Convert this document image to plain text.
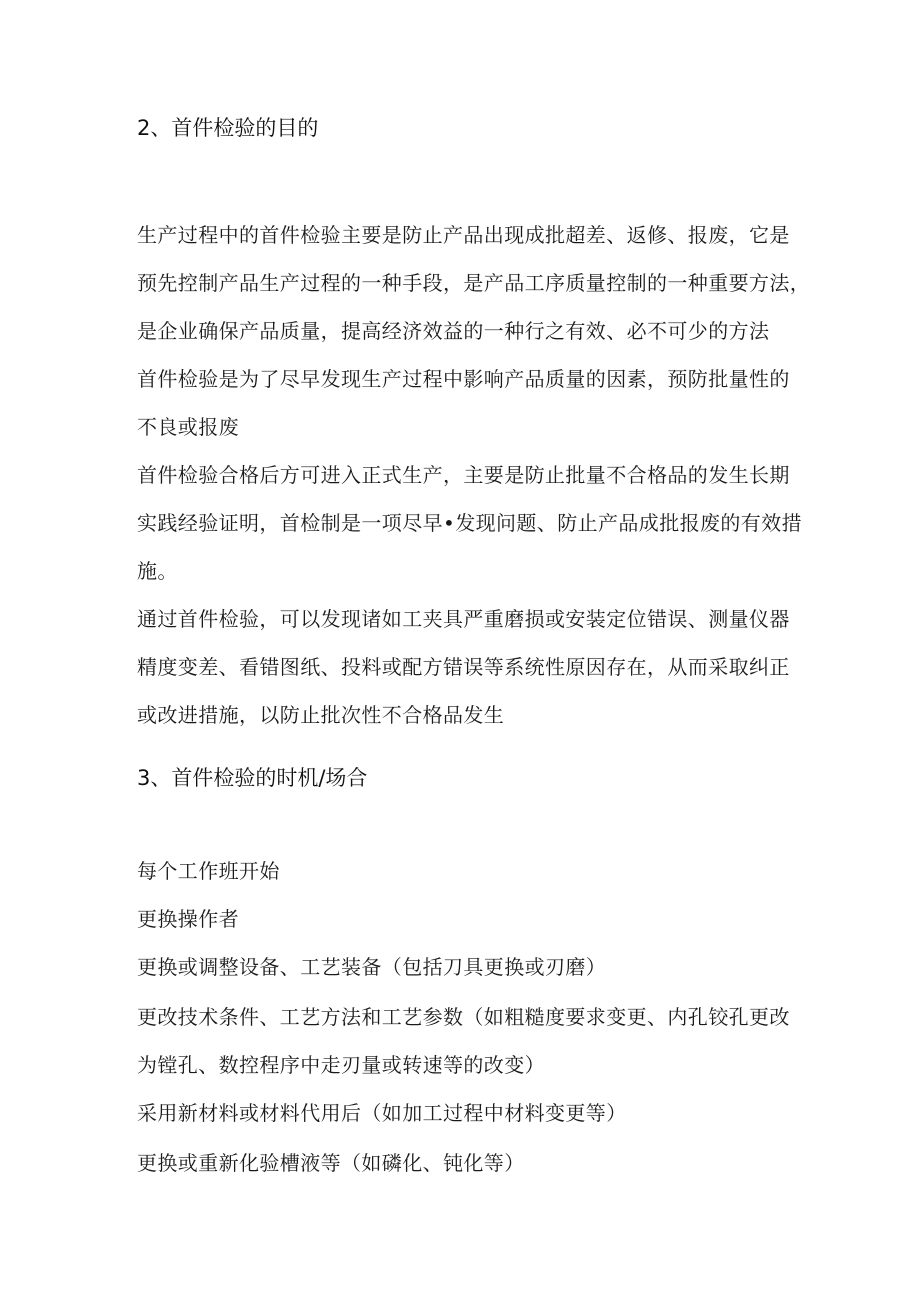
2、首件检验的目的
生产过程中的首件检验主要是防止产品出现成批超差、返修、报废，它是
预先控制产品生产过程的一种手段，是产品工序质量控制的一种重要方法，
是企业确保产品质量，提高经济效益的一种行之有效、必不可少的方法
首件检验是为了尽早发现生产过程中影响产品质量的因素，预防批量性的
不良或报废
首件检验合格后方可进入正式生产，主要是防止批量不合格品的发生长期
实践经验证明，首检制是一项尽早•发现问题、防止产品成批报废的有效措
施。
通过首件检验，可以发现诸如工夹具严重磨损或安装定位错误、测量仪器
精度变差、看错图纸、投料或配方错误等系统性原因存在，从而采取纠正
或改进措施，以防止批次性不合格品发生
3、首件检验的时机/场合
每个工作班开始
更换操作者
更换或调整设备、工艺装备（包括刀具更换或刃磨）
更改技术条件、工艺方法和工艺参数（如粗糙度要求变更、内孔铰孔更改
为镗孔、数控程序中走刃量或转速等的改变）
采用新材料或材料代用后（如加工过程中材料变更等）
更换或重新化验槽液等（如磷化、钝化等）
